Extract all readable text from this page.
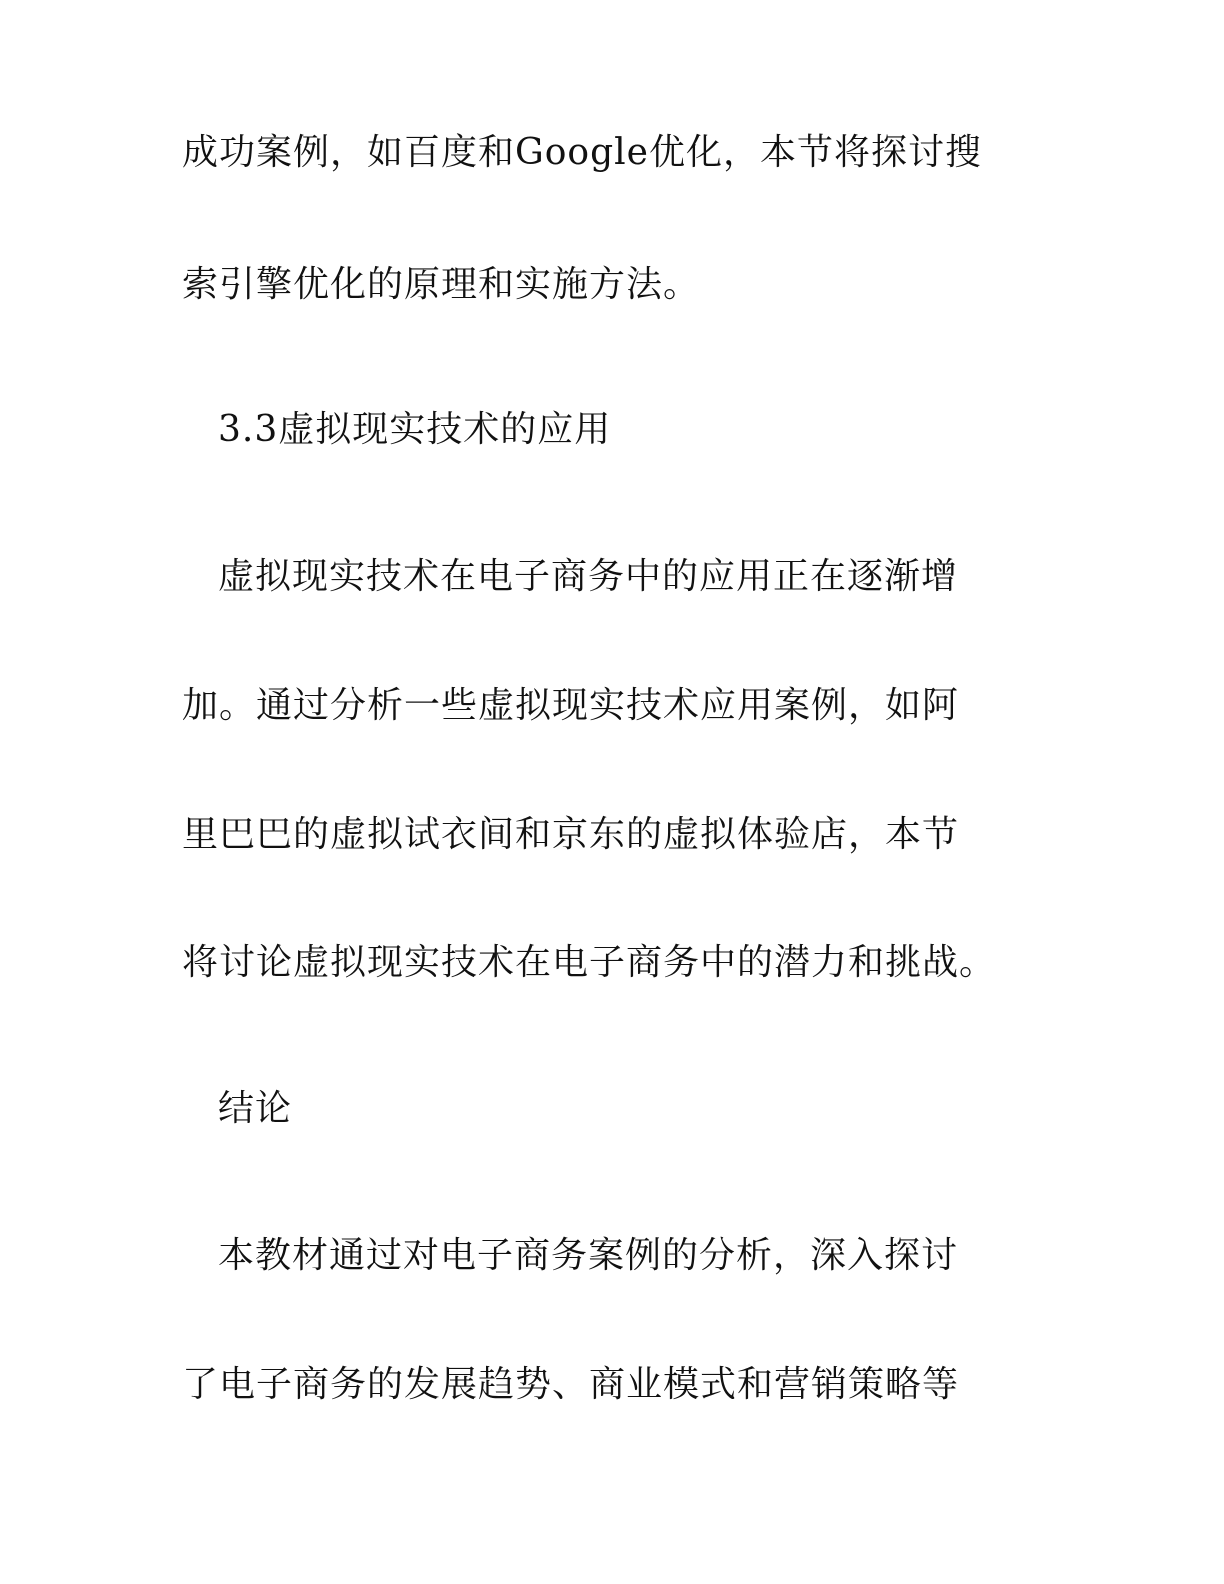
成功案例，如百度和Google优化，本节将探讨搜
索引擎优化的原理和实施方法。
3.3虚拟现实技术的应用
虚拟现实技术在电子商务中的应用正在逐渐增
加。通过分析一些虚拟现实技术应用案例，如阿
里巴巴的虚拟试衣间和京东的虚拟体验店，本节
将讨论虚拟现实技术在电子商务中的潜力和挑战。
结论
本教材通过对电子商务案例的分析，深入探讨
了电子商务的发展趋势、商业模式和营销策略等
